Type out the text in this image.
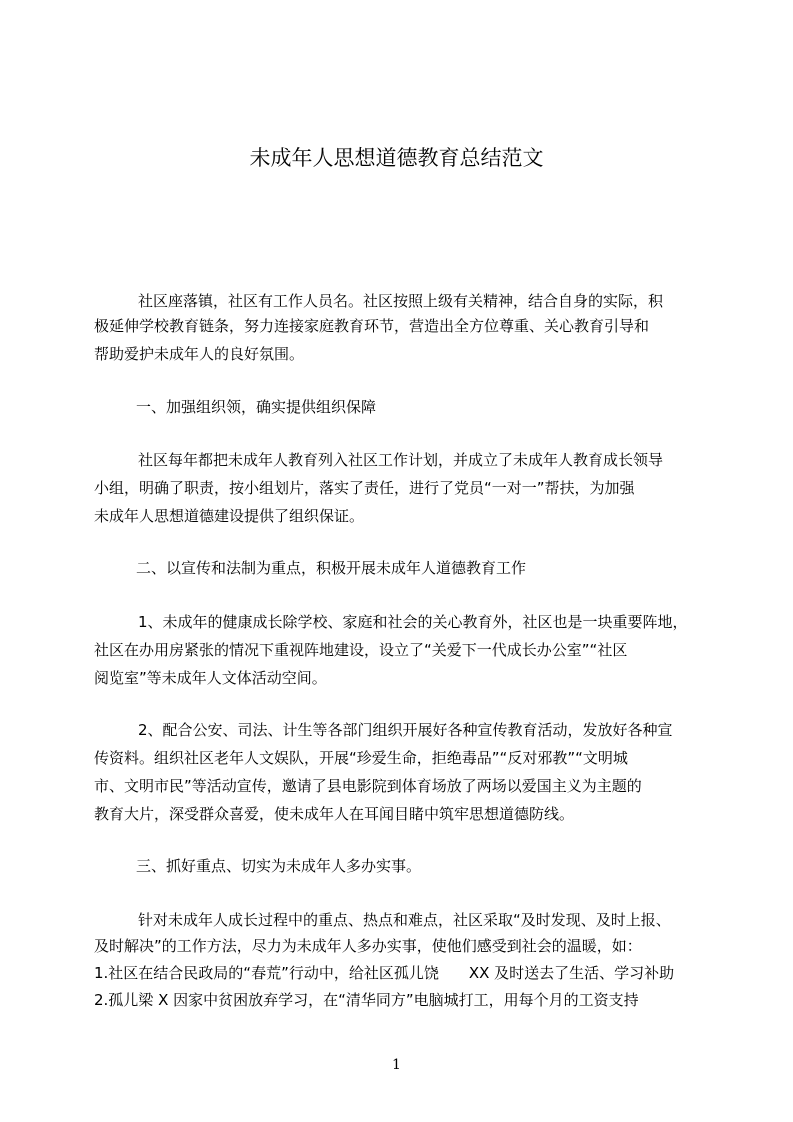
未成年人思想道德教育总结范文
社区座落镇，社区有工作人员名。社区按照上级有关精神，结合自身的实际，积
极延伸学校教育链条，努力连接家庭教育环节，营造出全方位尊重、关心教育引导和
帮助爱护未成年人的良好氛围。
一、加强组织领，确实提供组织保障
社区每年都把未成年人教育列入社区工作计划，并成立了未成年人教育成长领导
小组，明确了职责，按小组划片，落实了责任，进行了党员“一对一”帮扶，为加强
未成年人思想道德建设提供了组织保证。
二、以宣传和法制为重点，积极开展未成年人道德教育工作
1、未成年的健康成长除学校、家庭和社会的关心教育外，社区也是一块重要阵地，
社区在办用房紧张的情况下重视阵地建设，设立了“关爱下一代成长办公室”“社区
阅览室”等未成年人文体活动空间。
2、配合公安、司法、计生等各部门组织开展好各种宣传教育活动，发放好各种宣
传资料。组织社区老年人文娱队，开展“珍爱生命，拒绝毒品”“反对邪教”“文明城
市、文明市民”等活动宣传，邀请了县电影院到体育场放了两场以爱国主义为主题的
教育大片，深受群众喜爱，使未成年人在耳闻目睹中筑牢思想道德防线。
三、抓好重点、切实为未成年人多办实事。
针对未成年人成长过程中的重点、热点和难点，社区采取“及时发现、及时上报、
及时解决”的工作方法，尽力为未成年人多办实事，使他们感受到社会的温暖，如：
1.社区在结合民政局的“春荒”行动中，给社区孤儿饶　　XX 及时送去了生活、学习补助
2.孤儿梁 X 因家中贫困放弃学习，在“清华同方”电脑城打工，用每个月的工资支持
1
